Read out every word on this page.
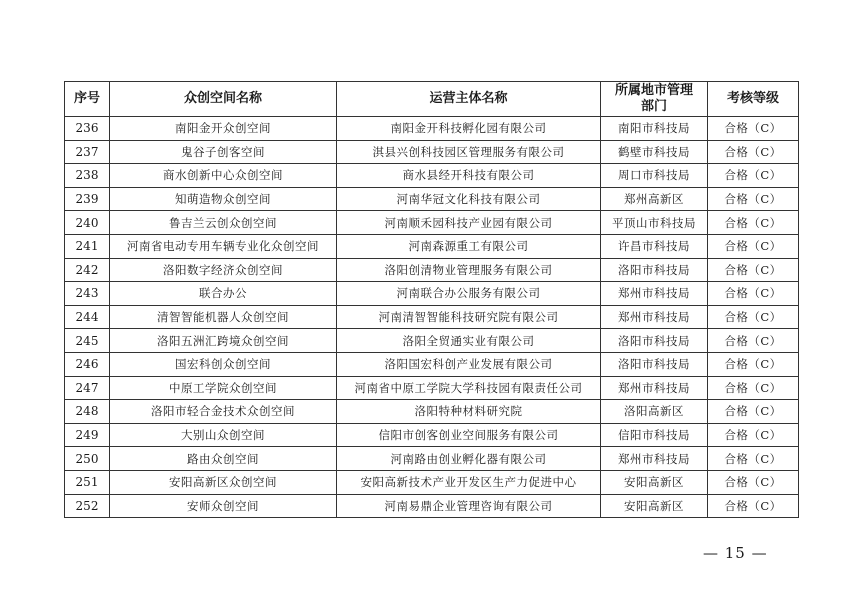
序号	众创空间名称	运营主体名称	所属地市管理部门	考核等级
236	南阳金开众创空间	南阳金开科技孵化园有限公司	南阳市科技局	合格（C）
237	鬼谷子创客空间	淇县兴创科技园区管理服务有限公司	鹤壁市科技局	合格（C）
238	商水创新中心众创空间	商水县经开科技有限公司	周口市科技局	合格（C）
239	知萌造物众创空间	河南华冠文化科技有限公司	郑州高新区	合格（C）
240	鲁吉兰云创众创空间	河南顺禾园科技产业园有限公司	平顶山市科技局	合格（C）
241	河南省电动专用车辆专业化众创空间	河南森源重工有限公司	许昌市科技局	合格（C）
242	洛阳数字经济众创空间	洛阳创清物业管理服务有限公司	洛阳市科技局	合格（C）
243	联合办公	河南联合办公服务有限公司	郑州市科技局	合格（C）
244	清智智能机器人众创空间	河南清智智能科技研究院有限公司	郑州市科技局	合格（C）
245	洛阳五洲汇跨境众创空间	洛阳全贸通实业有限公司	洛阳市科技局	合格（C）
246	国宏科创众创空间	洛阳国宏科创产业发展有限公司	洛阳市科技局	合格（C）
247	中原工学院众创空间	河南省中原工学院大学科技园有限责任公司	郑州市科技局	合格（C）
248	洛阳市轻合金技术众创空间	洛阳特种材料研究院	洛阳高新区	合格（C）
249	大别山众创空间	信阳市创客创业空间服务有限公司	信阳市科技局	合格（C）
250	路由众创空间	河南路由创业孵化器有限公司	郑州市科技局	合格（C）
251	安阳高新区众创空间	安阳高新技术产业开发区生产力促进中心	安阳高新区	合格（C）
252	安师众创空间	河南易鼎企业管理咨询有限公司	安阳高新区	合格（C）
— 15 —
